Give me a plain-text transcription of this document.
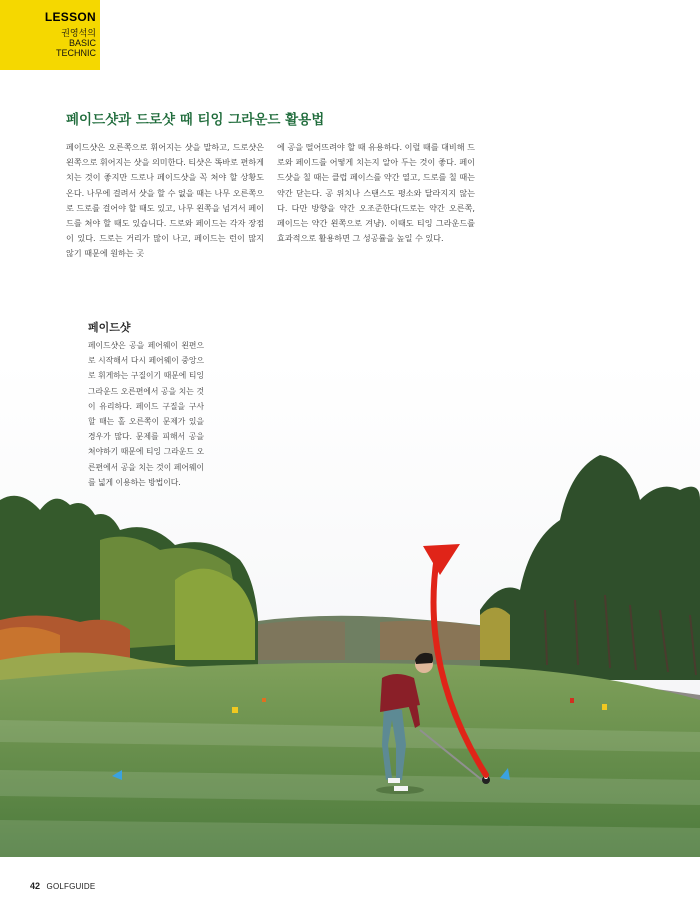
LESSON
권영석의
BASIC
TECHNIC
페이드샷과 드로샷 때 티잉 그라운드 활용법
페이드샷은 오른쪽으로 휘어지는 샷을 말하고, 드로샷은 왼쪽으로 휘어지는 샷을 의미한다. 티샷은 똑바로 편하게 치는 것이 좋지만 드로나 페이드샷을 꼭 쳐야 할 상황도 온다. 나무에 걸려서 샷을 할 수 없을 때는 나무 오른쪽으로 드로를 걸어야 할 때도 있고, 나무 왼쪽을 넘겨서 페이드를 쳐야 할 때도 있습니다. 드로와 페이드는 각자 장점이 있다. 드로는 거리가 많이 나고, 페이드는 런이 많지 않기 때문에 원하는 곳
에 공을 떨어뜨려야 할 때 유용하다. 이럴 때를 대비해 드로와 페이드를 어떻게 치는지 알아 두는 것이 좋다. 페이드샷을 칠 때는 클럽 페이스를 약간 열고, 드로를 칠 때는 약간 닫는다. 공 위치나 스탠스도 평소와 달라지지 않는다. 다만 방향을 약간 오조준한다(드로는 약간 오른쪽, 페이드는 약간 왼쪽으로 겨냥). 이때도 티잉 그라운드를 효과적으로 활용하면 그 성공률을 높일 수 있다.
페이드샷
페이드샷은 공을 페어웨이 왼편으로 시작해서 다시 페어웨이 중앙으로 휘게하는 구질이기 때문에 티잉 그라운드 오른편에서 공을 치는 것이 유리하다. 페이드 구질을 구사할 때는 홀 오른쪽이 문제가 있을 경우가 많다. 문제를 피해서 공을 쳐야하기 때문에 티잉 그라운드 오른편에서 공을 치는 것이 페어웨이를 넓게 이용하는 방법이다.
42 GOLFGUIDE
